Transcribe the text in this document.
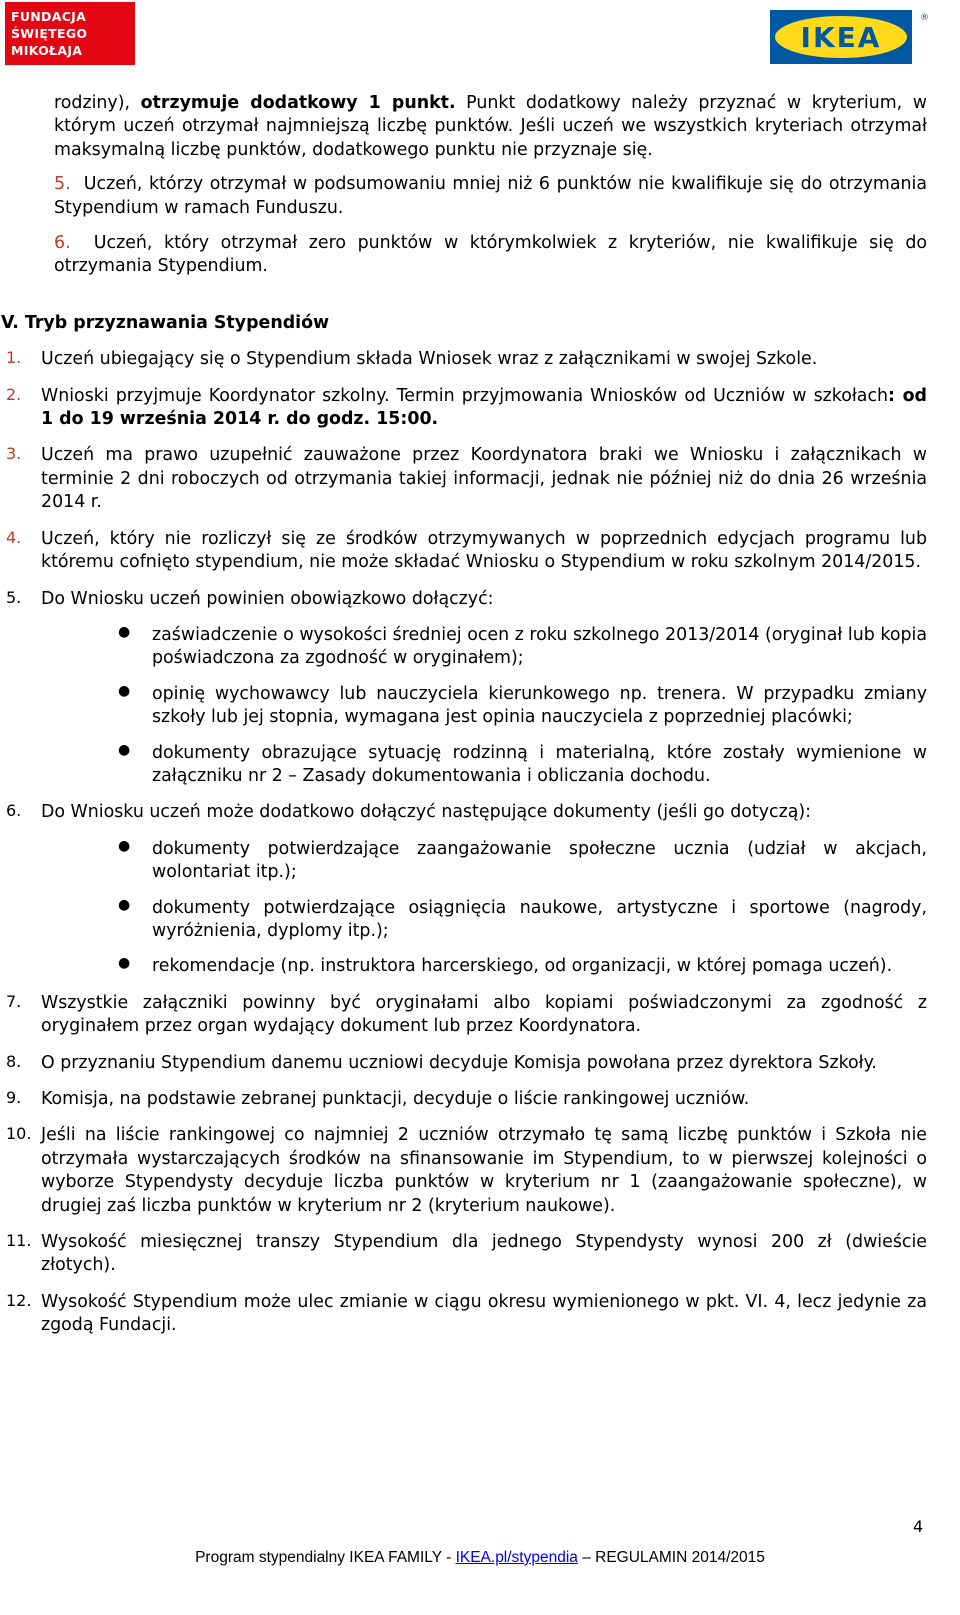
FUNDACJA
ŚWIĘTEGO
MIKOŁAJA	IKEA
®

rodziny), otrzymuje dodatkowy 1 punkt. Punkt dodatkowy należy przyznać w kryterium, w którym uczeń otrzymał najmniejszą liczbę punktów. Jeśli uczeń we wszystkich kryteriach otrzymał maksymalną liczbę punktów, dodatkowego punktu nie przyznaje się.

5. Uczeń, którzy otrzymał w podsumowaniu mniej niż 6 punktów nie kwalifikuje się do otrzymania Stypendium w ramach Funduszu.

6. Uczeń, który otrzymał zero punktów w którymkolwiek z kryteriów, nie kwalifikuje się do otrzymania Stypendium.

V. Tryb przyznawania Stypendiów

1. Uczeń ubiegający się o Stypendium składa Wniosek wraz z załącznikami w swojej Szkole.

2. Wnioski przyjmuje Koordynator szkolny. Termin przyjmowania Wniosków od Uczniów w szkołach: od 1 do 19 września 2014 r. do godz. 15:00.

3. Uczeń ma prawo uzupełnić zauważone przez Koordynatora braki we Wniosku i załącznikach w terminie 2 dni roboczych od otrzymania takiej informacji, jednak nie później niż do dnia 26 września 2014 r.

4. Uczeń, który nie rozliczył się ze środków otrzymywanych w poprzednich edycjach programu lub któremu cofnięto stypendium, nie może składać Wniosku o Stypendium w roku szkolnym 2014/2015.

5. Do Wniosku uczeń powinien obowiązkowo dołączyć:

● zaświadczenie o wysokości średniej ocen z roku szkolnego 2013/2014 (oryginał lub kopia poświadczona za zgodność w oryginałem);

● opinię wychowawcy lub nauczyciela kierunkowego np. trenera. W przypadku zmiany szkoły lub jej stopnia, wymagana jest opinia nauczyciela z poprzedniej placówki;

● dokumenty obrazujące sytuację rodzinną i materialną, które zostały wymienione w załączniku nr 2 – Zasady dokumentowania i obliczania dochodu.

6. Do Wniosku uczeń może dodatkowo dołączyć następujące dokumenty (jeśli go dotyczą):

● dokumenty potwierdzające zaangażowanie społeczne ucznia (udział w akcjach, wolontariat itp.);

● dokumenty potwierdzające osiągnięcia naukowe, artystyczne i sportowe (nagrody, wyróżnienia, dyplomy itp.);

● rekomendacje (np. instruktora harcerskiego, od organizacji, w której pomaga uczeń).

7. Wszystkie załączniki powinny być oryginałami albo kopiami poświadczonymi za zgodność z oryginałem przez organ wydający dokument lub przez Koordynatora.

8. O przyznaniu Stypendium danemu uczniowi decyduje Komisja powołana przez dyrektora Szkoły.

9. Komisja, na podstawie zebranej punktacji, decyduje o liście rankingowej uczniów.

10. Jeśli na liście rankingowej co najmniej 2 uczniów otrzymało tę samą liczbę punktów i Szkoła nie otrzymała wystarczających środków na sfinansowanie im Stypendium, to w pierwszej kolejności o wyborze Stypendysty decyduje liczba punktów w kryterium nr 1 (zaangażowanie społeczne), w drugiej zaś liczba punktów w kryterium nr 2 (kryterium naukowe).

11. Wysokość miesięcznej transzy Stypendium dla jednego Stypendysty wynosi 200 zł (dwieście złotych).

12. Wysokość Stypendium może ulec zmianie w ciągu okresu wymienionego w pkt. VI. 4, lecz jedynie za zgodą Fundacji.

4
Program stypendialny IKEA FAMILY - IKEA.pl/stypendia – REGULAMIN 2014/2015
